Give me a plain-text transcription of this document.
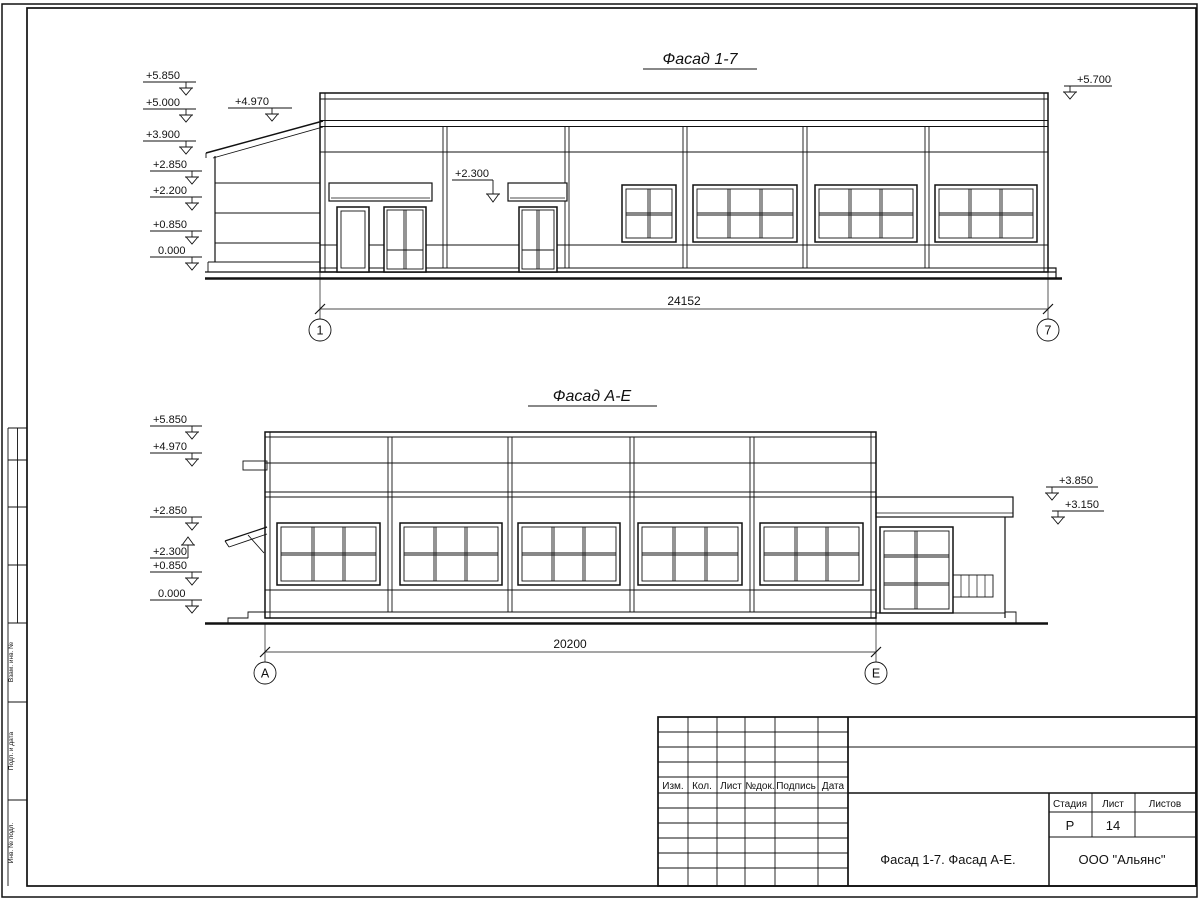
Взам. инв. №
Подп. и дата
Инв. № подл.
Фасад 1-7
+5.850
+5.000
+3.900
+2.850
+2.200
+0.850
0.000
+4.970
+5.700
+2.300
24152
1	7
Фасад А-Е
+5.850
+4.970
+2.850
+2.300
+0.850
0.000
+3.850
+3.150
20200
А	Е
Изм. Кол. Лист №док. Подпись Дата
Стадия Лист Листов
Р 14
Фасад 1-7. Фасад А-Е.	ООО "Альянс"
